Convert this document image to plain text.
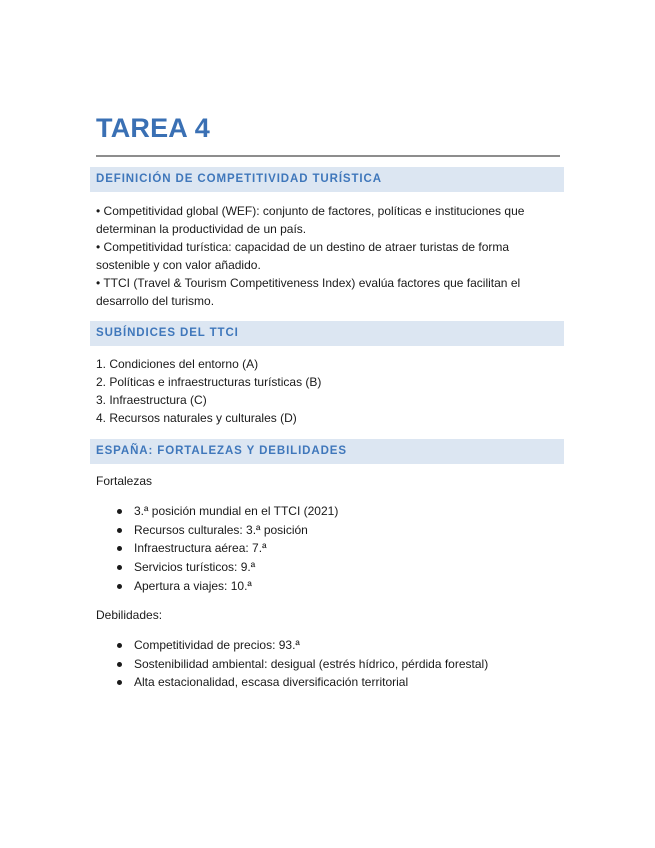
TAREA 4
DEFINICIÓN DE COMPETITIVIDAD TURÍSTICA

• Competitividad global (WEF): conjunto de factores, políticas e instituciones que determinan la productividad de un país.

• Competitividad turística: capacidad de un destino de atraer turistas de forma sostenible y con valor añadido.

• TTCI (Travel & Tourism Competitiveness Index) evalúa factores que facilitan el desarrollo del turismo.

SUBÍNDICES DEL TTCI

1. Condiciones del entorno (A)

2. Políticas e infraestructuras turísticas (B)

3. Infraestructura (C)

4. Recursos naturales y culturales (D)

ESPAÑA: FORTALEZAS Y DEBILIDADES
Fortalezas
3.ª posición mundial en el TTCI (2021)
Recursos culturales: 3.ª posición
Infraestructura aérea: 7.ª
Servicios turísticos: 9.ª
Apertura a viajes: 10.ª
Debilidades:
Competitividad de precios: 93.ª
Sostenibilidad ambiental: desigual (estrés hídrico, pérdida forestal)
Alta estacionalidad, escasa diversificación territorial
